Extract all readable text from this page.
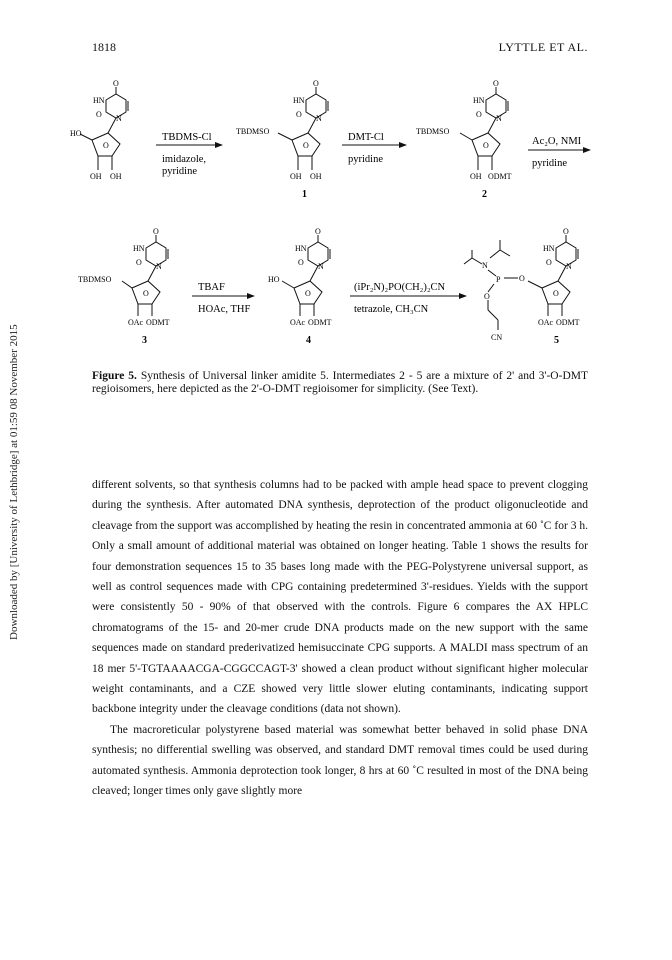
1818	LYTTLE ET AL.
Downloaded by [University of Lethbridge] at 01:59 08 November 2015
O
HN
O N
O
HO
OH OH
TBDMS-Cl
imidazole,
pyridine
O
HN
O N
O
TBDMSO
OH OH
1
DMT-Cl
pyridine
O
HN
O N
O
TBDMSO
OH ODMT
2
Ac₂O, NMI
pyridine
O
HN
O N
O
TBDMSO
OAc ODMT
3
TBAF
HOAc, THF
O
HN
O N
O
HO
OAc ODMT
4
(iPr₂N)₂PO(CH₂)₂CN
tetrazole, CH₃CN
N
P O
O
CN
O
HN
O N
O
OAc ODMT
5
Figure 5. Synthesis of Universal linker amidite 5. Intermediates 2 - 5 are a mixture of 2' and 3'-O-DMT regioisomers, here depicted as the 2'-O-DMT regioisomer for simplicity. (See Text).

different solvents, so that synthesis columns had to be packed with ample head space to prevent clogging during the synthesis. After automated DNA synthesis, deprotection of the product oligonucleotide and cleavage from the support was accomplished by heating the resin in concentrated ammonia at 60 ˚C for 3 h. Only a small amount of additional material was obtained on longer heating. Table 1 shows the results for four demonstration sequences 15 to 35 bases long made with the PEG-Polystyrene universal support, as well as control sequences made with CPG containing predetermined 3'-residues. Yields with the support were consistently 50 - 90% of that observed with the controls. Figure 6 compares the AX HPLC chromatograms of the 15- and 20-mer crude DNA products made on the new support with the same sequences made on standard prederivatized hemisuccinate CPG supports. A MALDI mass spectrum of an 18 mer 5'-TGTAAAACGA-CGGCCAGT-3' showed a clean product without significant higher molecular weight contaminants, and a CZE showed very little slower eluting contaminants, indicating support backbone integrity under the cleavage conditions (data not shown).

The macroreticular polystyrene based material was somewhat better behaved in solid phase DNA synthesis; no differential swelling was observed, and standard DMT removal times could be used during automated synthesis. Ammonia deprotection took longer, 8 hrs at 60 ˚C resulted in most of the DNA being cleaved; longer times only gave slightly more
